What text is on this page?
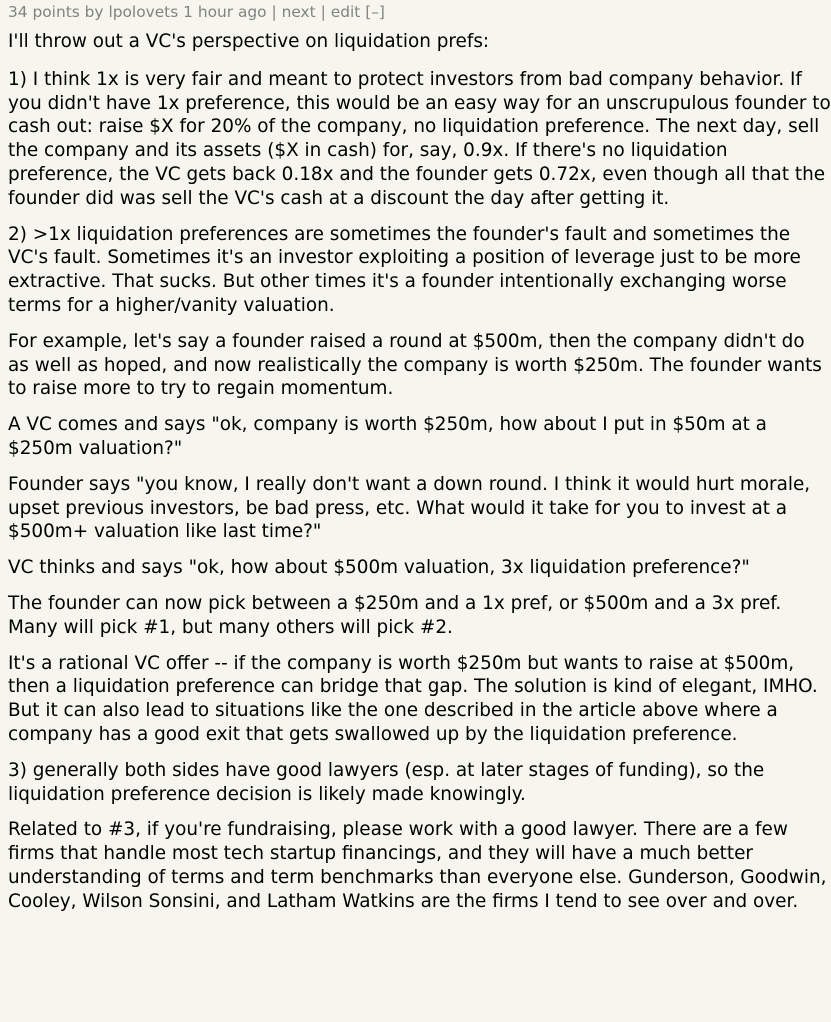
34 points by lpolovets 1 hour ago | next | edit [–]

I'll throw out a VC's perspective on liquidation prefs:

1) I think 1x is very fair and meant to protect investors from bad company behavior. If you didn't have 1x preference, this would be an easy way for an unscrupulous founder to cash out: raise $X for 20% of the company, no liquidation preference. The next day, sell the company and its assets ($X in cash) for, say, 0.9x. If there's no liquidation preference, the VC gets back 0.18x and the founder gets 0.72x, even though all that the founder did was sell the VC's cash at a discount the day after getting it.

2) >1x liquidation preferences are sometimes the founder's fault and sometimes the VC's fault. Sometimes it's an investor exploiting a position of leverage just to be more extractive. That sucks. But other times it's a founder intentionally exchanging worse terms for a higher/vanity valuation.

For example, let's say a founder raised a round at $500m, then the company didn't do as well as hoped, and now realistically the company is worth $250m. The founder wants to raise more to try to regain momentum.

A VC comes and says "ok, company is worth $250m, how about I put in $50m at a $250m valuation?"

Founder says "you know, I really don't want a down round. I think it would hurt morale, upset previous investors, be bad press, etc. What would it take for you to invest at a $500m+ valuation like last time?"

VC thinks and says "ok, how about $500m valuation, 3x liquidation preference?"

The founder can now pick between a $250m and a 1x pref, or $500m and a 3x pref. Many will pick #1, but many others will pick #2.

It's a rational VC offer -- if the company is worth $250m but wants to raise at $500m, then a liquidation preference can bridge that gap. The solution is kind of elegant, IMHO. But it can also lead to situations like the one described in the article above where a company has a good exit that gets swallowed up by the liquidation preference.

3) generally both sides have good lawyers (esp. at later stages of funding), so the liquidation preference decision is likely made knowingly.

Related to #3, if you're fundraising, please work with a good lawyer. There are a few firms that handle most tech startup financings, and they will have a much better understanding of terms and term benchmarks than everyone else. Gunderson, Goodwin, Cooley, Wilson Sonsini, and Latham Watkins are the firms I tend to see over and over.
